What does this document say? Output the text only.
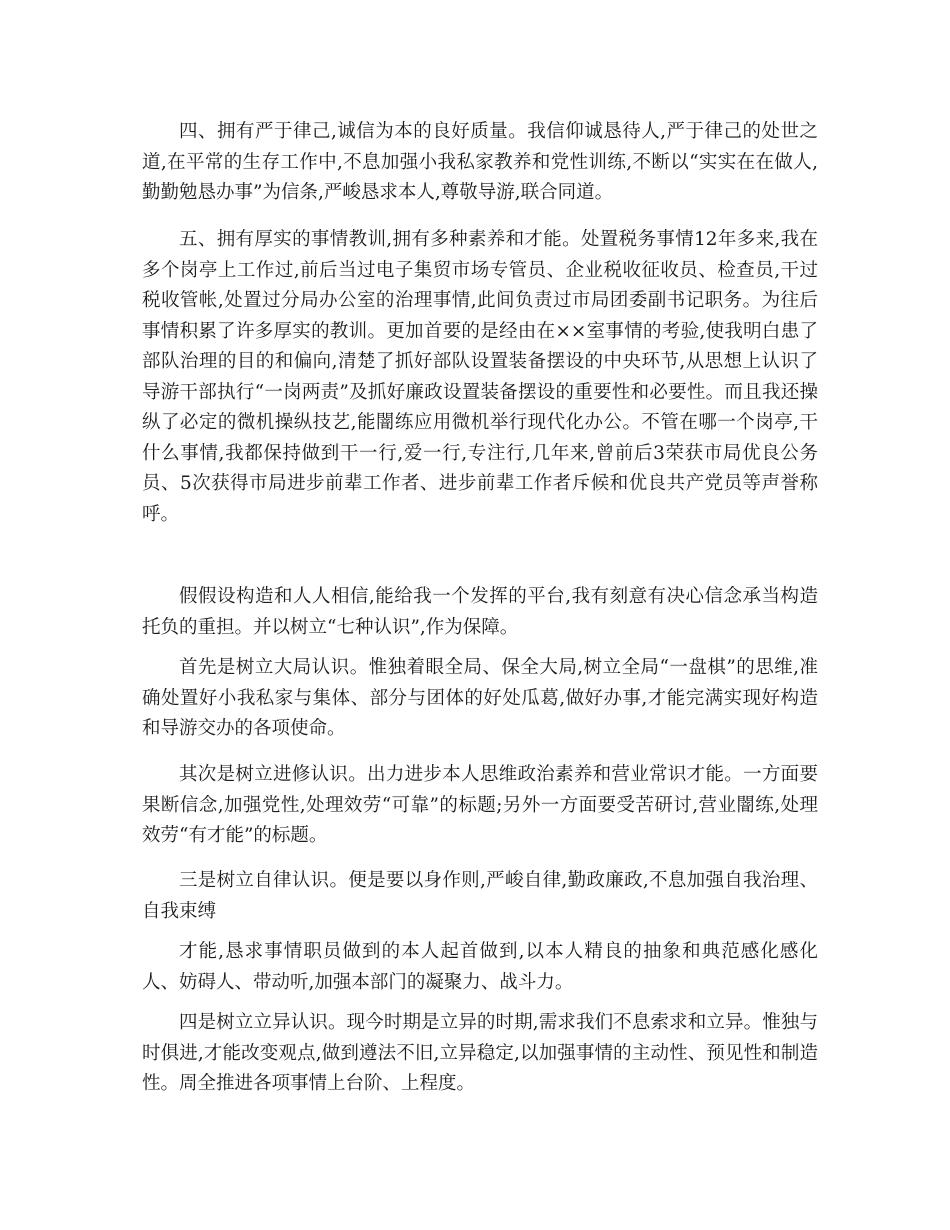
四、拥有严于律己,诚信为本的良好质量。我信仰诚恳待人,严于律己的处世之道,在平常的生存工作中,不息加强小我私家教养和党性训练,不断以“实实在在做人,勤勤勉恳办事”为信条,严峻恳求本人,尊敬导游,联合同道。

五、拥有厚实的事情教训,拥有多种素养和才能。处置税务事情12年多来,我在多个岗亭上工作过,前后当过电子集贸市场专管员、企业税收征收员、检查员,干过税收管帐,处置过分局办公室的治理事情,此间负责过市局团委副书记职务。为往后事情积累了许多厚实的教训。更加首要的是经由在××室事情的考验,使我明白患了部队治理的目的和偏向,清楚了抓好部队设置装备摆设的中央环节,从思想上认识了导游干部执行“一岗两责”及抓好廉政设置装备摆设的重要性和必要性。而且我还操纵了必定的微机操纵技艺,能闇练应用微机举行现代化办公。不管在哪一个岗亭,干什么事情,我都保持做到干一行,爱一行,专注行,几年来,曾前后3荣获市局优良公务员、5次获得市局进步前辈工作者、进步前辈工作者斥候和优良共产党员等声誉称呼。

假假设构造和人人相信,能给我一个发挥的平台,我有刻意有决心信念承当构造托负的重担。并以树立“七种认识”,作为保障。

首先是树立大局认识。惟独着眼全局、保全大局,树立全局“一盘棋”的思维,准确处置好小我私家与集体、部分与团体的好处瓜葛,做好办事,才能完满实现好构造和导游交办的各项使命。

其次是树立进修认识。出力进步本人思维政治素养和营业常识才能。一方面要果断信念,加强党性,处理效劳“可靠”的标题;另外一方面要受苦研讨,营业闇练,处理效劳“有才能”的标题。

三是树立自律认识。便是要以身作则,严峻自律,勤政廉政,不息加强自我治理、自我束缚

才能,恳求事情职员做到的本人起首做到,以本人精良的抽象和典范感化感化人、妨碍人、带动听,加强本部门的凝聚力、战斗力。

四是树立立异认识。现今时期是立异的时期,需求我们不息索求和立异。惟独与时俱进,才能改变观点,做到遵法不旧,立异稳定,以加强事情的主动性、预见性和制造性。周全推进各项事情上台阶、上程度。
